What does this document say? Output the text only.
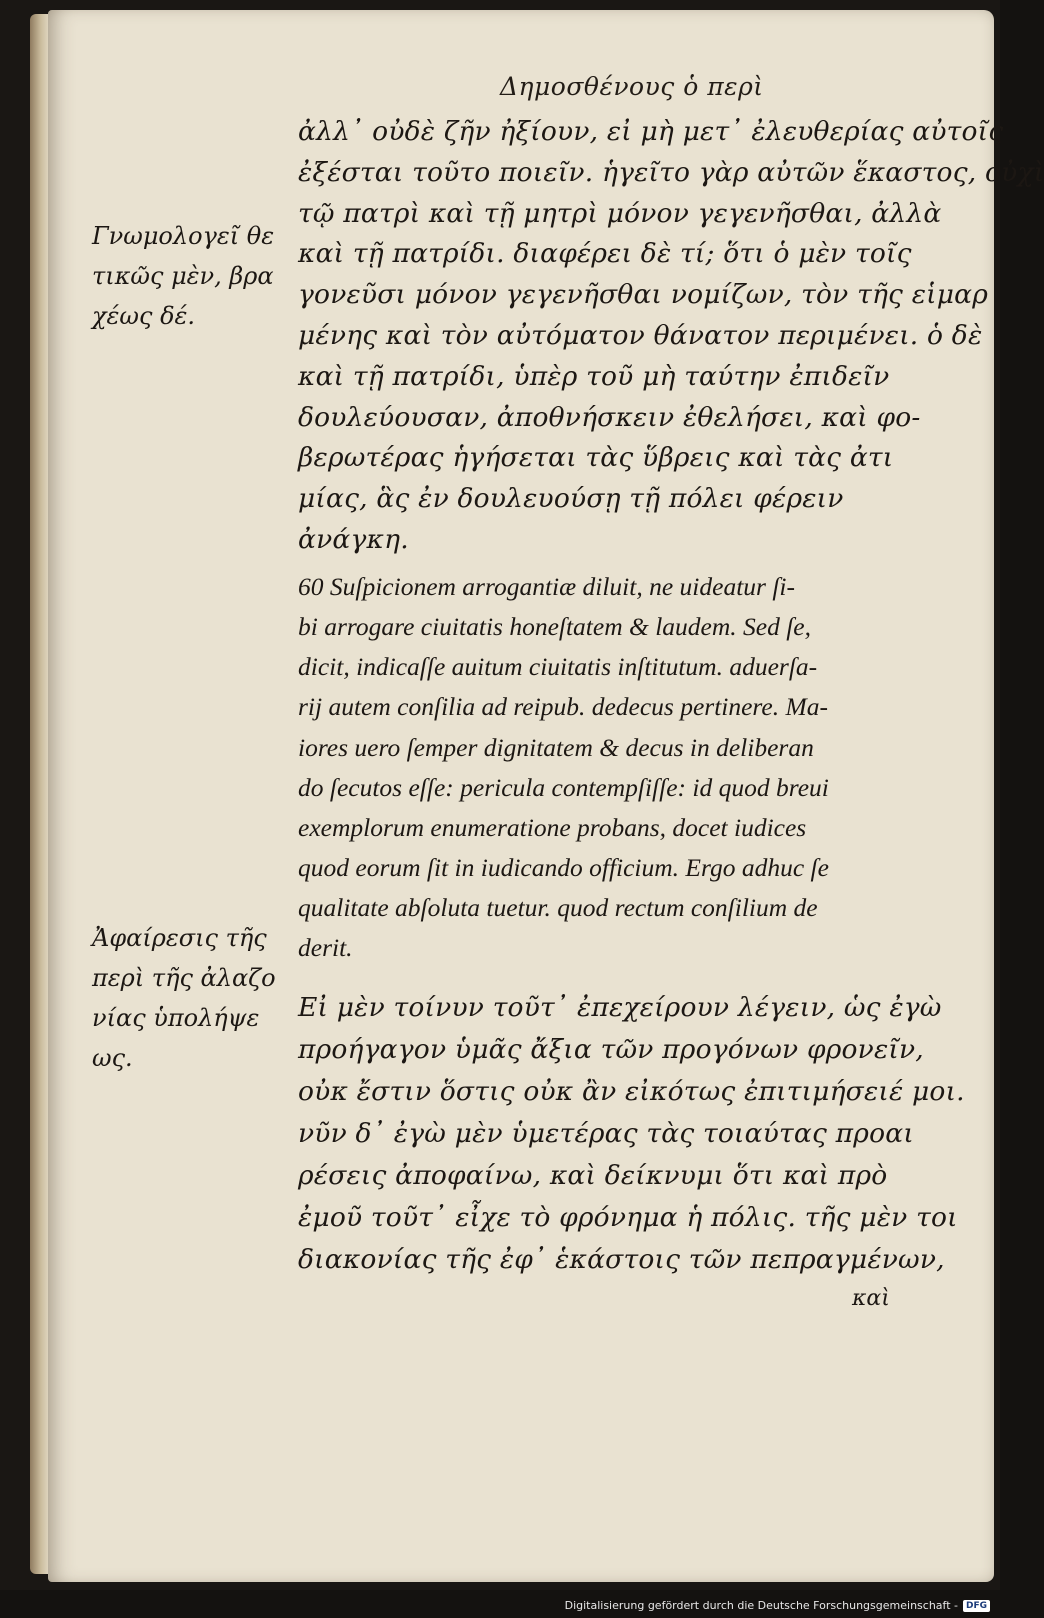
Δημοσθένους ὁ περὶ
Γνωμολογεῖ θε
τικῶς μὲν, βρα
χέως δέ.
Ἀφαίρεσις τῆς
περὶ τῆς ἀλαζο
νίας ὑπολήψε
ως.
ἀλλ᾽ οὐδὲ ζῆν ἠξίουν, εἰ μὴ μετ᾽ ἐλευθερίας αὐτοῖς
ἐξέσται τοῦτο ποιεῖν. ἡγεῖτο γὰρ αὐτῶν ἕκαστος, οὐχὶ
τῷ πατρὶ καὶ τῇ μητρὶ μόνον γεγενῆσθαι, ἀλλὰ
καὶ τῇ πατρίδι. διαφέρει δὲ τί; ὅτι ὁ μὲν τοῖς
γονεῦσι μόνον γεγενῆσθαι νομίζων, τὸν τῆς εἱμαρ
μένης καὶ τὸν αὐτόματον θάνατον περιμένει. ὁ δὲ
καὶ τῇ πατρίδι, ὑπὲρ τοῦ μὴ ταύτην ἐπιδεῖν
δουλεύουσαν, ἀποθνήσκειν ἐθελήσει, καὶ φο-
βερωτέρας ἡγήσεται τὰς ὕβρεις καὶ τὰς ἀτι
μίας, ἃς ἐν δουλευούσῃ τῇ πόλει φέρειν
ἀνάγκη.
60 Suſpicionem arrogantiæ diluit, ne uideatur ſi-
bi arrogare ciuitatis honeſtatem & laudem. Sed ſe,
dicit, indicaſſe auitum ciuitatis inſtitutum. aduerſa-
rij autem conſilia ad reipub. dedecus pertinere. Ma-
iores uero ſemper dignitatem & decus in deliberan
do ſecutos eſſe: pericula contempſiſſe: id quod breui
exemplorum enumeratione probans, docet iudices
quod eorum ſit in iudicando officium. Ergo adhuc ſe
qualitate abſoluta tuetur. quod rectum conſilium de
derit.
Εἰ μὲν τοίνυν τοῦτ᾽ ἐπεχείρουν λέγειν, ὡς ἐγὼ
προήγαγον ὑμᾶς ἄξια τῶν προγόνων φρονεῖν,
οὐκ ἔστιν ὅστις οὐκ ἂν εἰκότως ἐπιτιμήσειέ μοι.
νῦν δ᾽ ἐγὼ μὲν ὑμετέρας τὰς τοιαύτας προαι
ρέσεις ἀποφαίνω, καὶ δείκνυμι ὅτι καὶ πρὸ
ἐμοῦ τοῦτ᾽ εἶχε τὸ φρόνημα ἡ πόλις. τῆς μὲν τοι
διακονίας τῆς ἐφ᾽ ἑκάστοις τῶν πεπραγμένων,
καὶ
Digitalisierung gefördert durch die Deutsche Forschungsgemeinschaft - DFG
